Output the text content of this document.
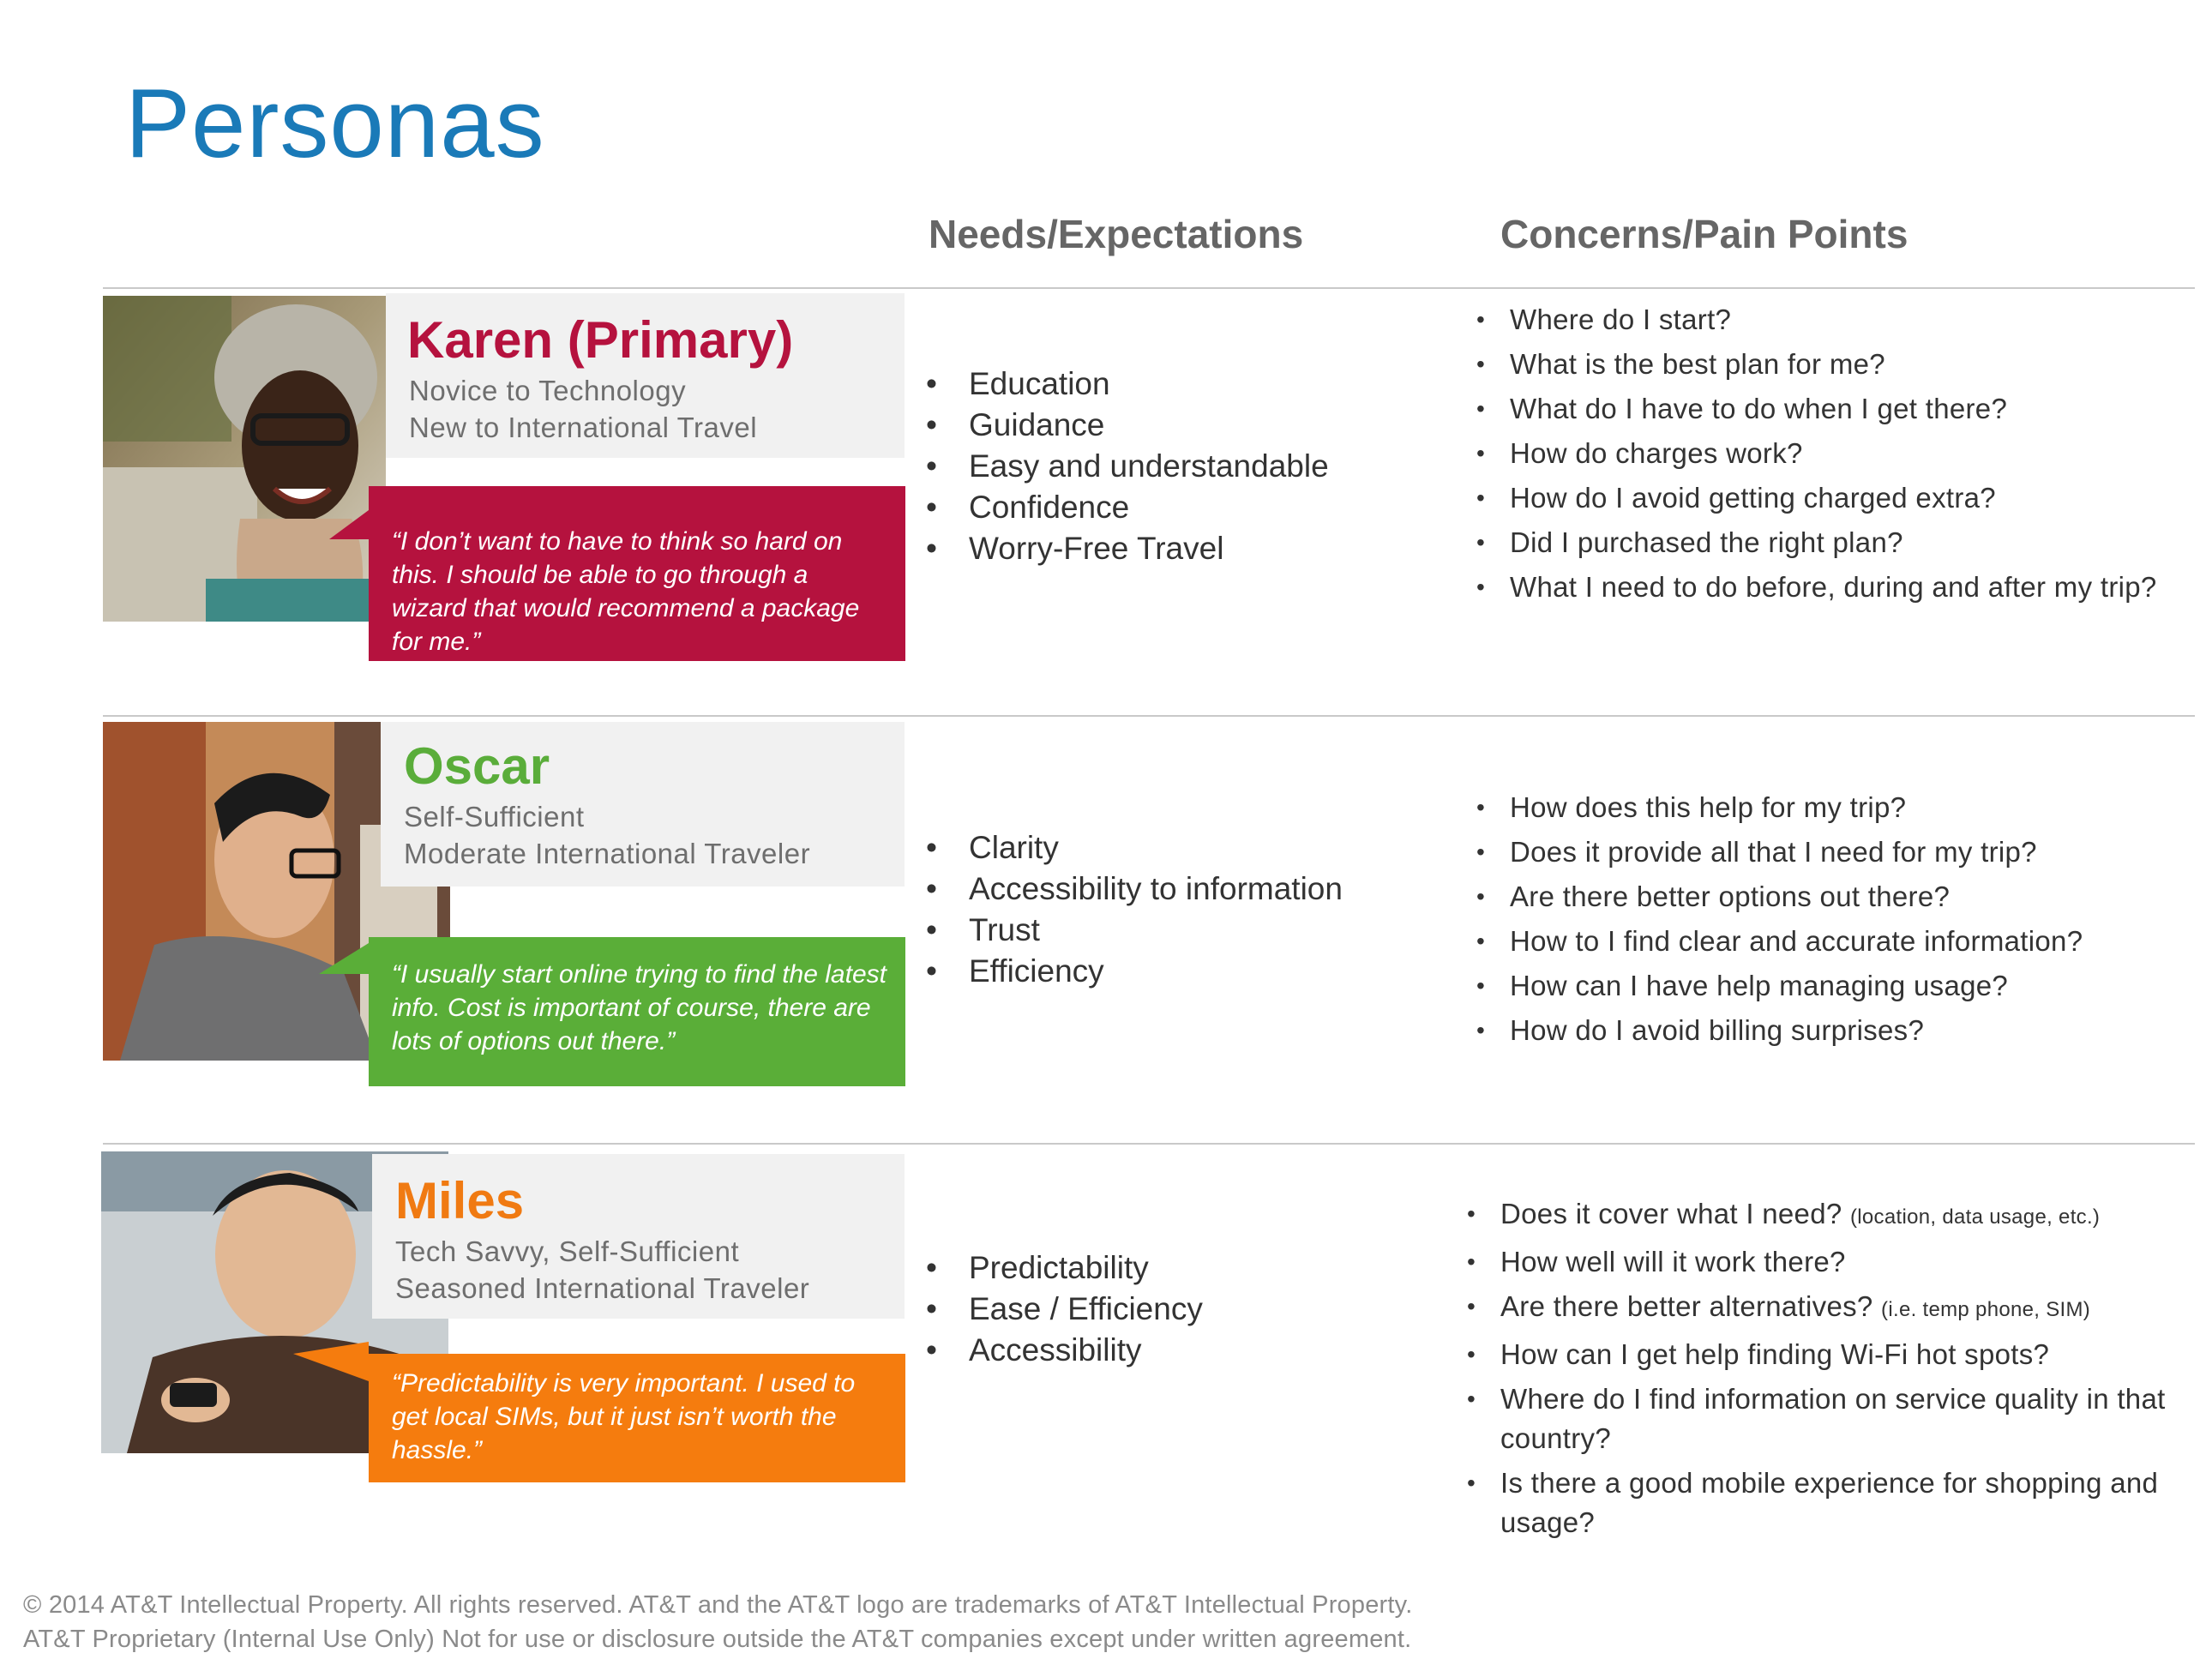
Personas
Needs/Expectations	Concerns/Pain Points
Karen (Primary)
Novice to Technology
New to International Travel
“I don’t want to have to think so hard on this. I should be able to go through a wizard that would recommend a package for me.”
• Education
• Guidance
• Easy and understandable
• Confidence
• Worry-Free Travel
• Where do I start?
• What is the best plan for me?
• What do I have to do when I get there?
• How do charges work?
• How do I avoid getting charged extra?
• Did I purchased the right plan?
• What I need to do before, during and after my trip?
Oscar
Self-Sufficient
Moderate International Traveler
“I usually start online trying to find the latest info. Cost is important of course, there are lots of options out there.”
• Clarity
• Accessibility to information
• Trust
• Efficiency
• How does this help for my trip?
• Does it provide all that I need for my trip?
• Are there better options out there?
• How to I find clear and accurate information?
• How can I have help managing usage?
• How do I avoid billing surprises?
Miles
Tech Savvy, Self-Sufficient
Seasoned International Traveler
“Predictability is very important. I used to get local SIMs, but it just isn’t worth the hassle.”
• Predictability
• Ease / Efficiency
• Accessibility
• Does it cover what I need? (location, data usage, etc.)
• How well will it work there?
• Are there better alternatives? (i.e. temp phone, SIM)
• How can I get help finding Wi-Fi hot spots?
• Where do I find information on service quality in that country?
• Is there a good mobile experience for shopping and usage?
© 2014 AT&T Intellectual Property. All rights reserved. AT&T and the AT&T logo are trademarks of AT&T Intellectual Property.
AT&T Proprietary (Internal Use Only) Not for use or disclosure outside the AT&T companies except under written agreement.
